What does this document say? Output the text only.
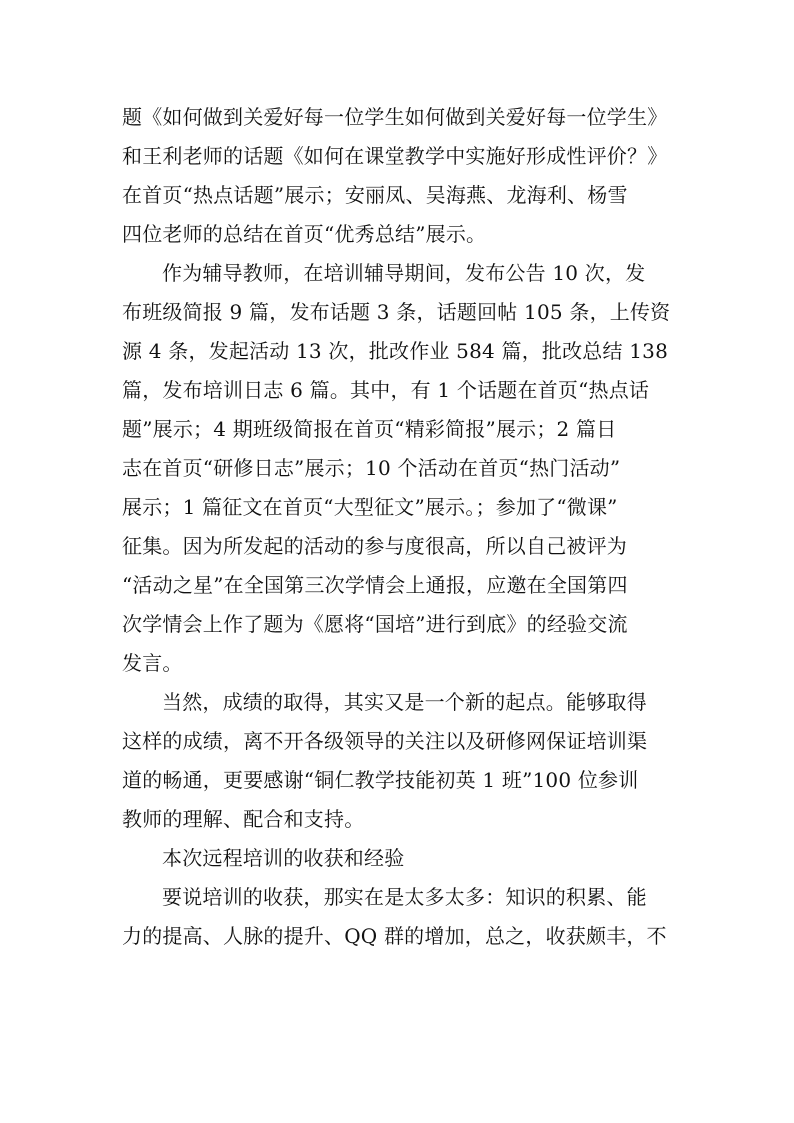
题《如何做到关爱好每一位学生如何做到关爱好每一位学生》
和王利老师的话题《如何在课堂教学中实施好形成性评价？》
在首页“热点话题”展示；安丽凤、吴海燕、龙海利、杨雪
四位老师的总结在首页“优秀总结”展示。

作为辅导教师，在培训辅导期间，发布公告 10 次，发
布班级简报 9 篇，发布话题 3 条，话题回帖 105 条，上传资
源 4 条，发起活动 13 次，批改作业 584 篇，批改总结 138
篇，发布培训日志 6 篇。其中，有 1 个话题在首页“热点话
题”展示；4 期班级简报在首页“精彩简报”展示；2 篇日
志在首页“研修日志”展示；10 个活动在首页“热门活动”
展示；1 篇征文在首页“大型征文”展示。；参加了“微课”
征集。因为所发起的活动的参与度很高，所以自己被评为
“活动之星”在全国第三次学情会上通报，应邀在全国第四
次学情会上作了题为《愿将“国培”进行到底》的经验交流
发言。

当然，成绩的取得，其实又是一个新的起点。能够取得
这样的成绩，离不开各级领导的关注以及研修网保证培训渠
道的畅通，更要感谢“铜仁教学技能初英 1 班”100 位参训
教师的理解、配合和支持。

本次远程培训的收获和经验

要说培训的收获，那实在是太多太多：知识的积累、能
力的提高、人脉的提升、QQ 群的增加，总之，收获颇丰，不
